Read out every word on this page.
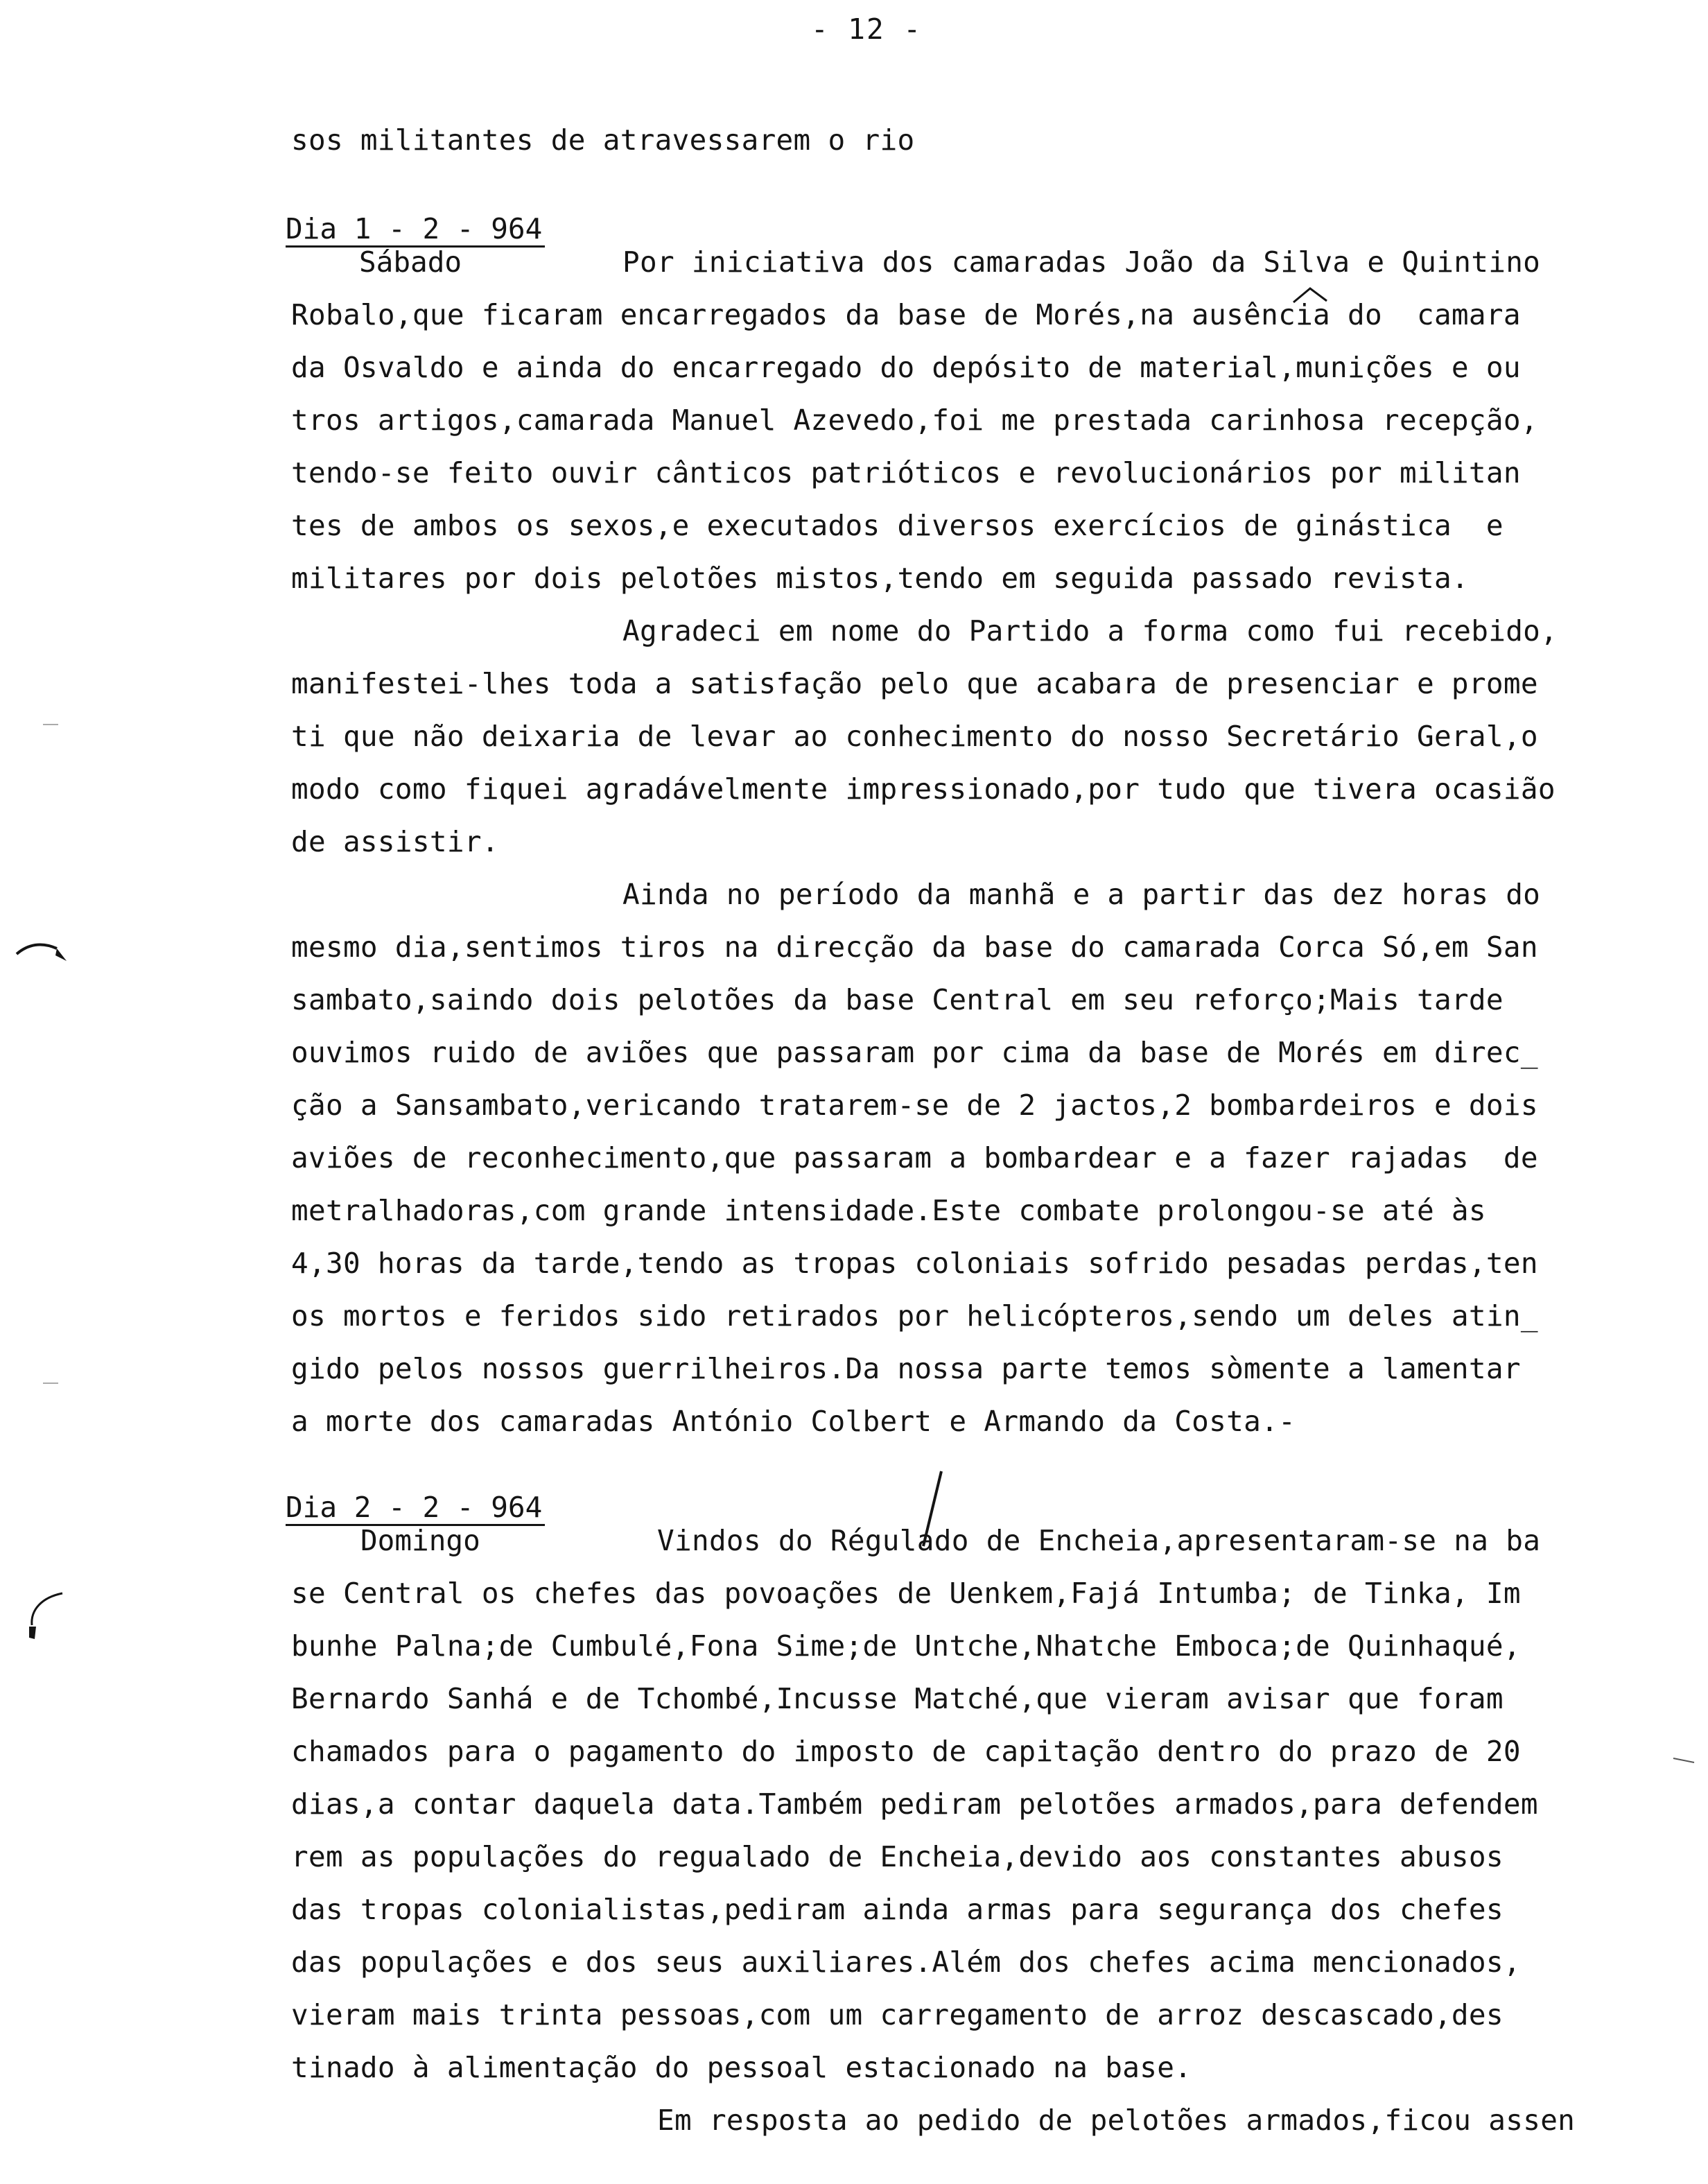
- 12 -
sos militantes de atravessarem o rio
Dia 1 - 2 - 964
Sábado	Por iniciativa dos camaradas João da Silva e Quintino
Robalo,que ficaram encarregados da base de Morés,na ausência do  camara
da Osvaldo e ainda do encarregado do depósito de material,munições e ou
tros artigos,camarada Manuel Azevedo,foi me prestada carinhosa recepção,
tendo-se feito ouvir cânticos patrióticos e revolucionários por militan
tes de ambos os sexos,e executados diversos exercícios de ginástica  e
militares por dois pelotões mistos,tendo em seguida passado revista.
Agradeci em nome do Partido a forma como fui recebido,
manifestei-lhes toda a satisfação pelo que acabara de presenciar e prome
ti que não deixaria de levar ao conhecimento do nosso Secretário Geral,o
modo como fiquei agradávelmente impressionado,por tudo que tivera ocasião
de assistir.
Ainda no período da manhã e a partir das dez horas do
mesmo dia,sentimos tiros na direcção da base do camarada Corca Só,em San
sambato,saindo dois pelotões da base Central em seu reforço;Mais tarde
ouvimos ruido de aviões que passaram por cima da base de Morés em direc_
ção a Sansambato,vericando tratarem-se de 2 jactos,2 bombardeiros e dois
aviões de reconhecimento,que passaram a bombardear e a fazer rajadas  de
metralhadoras,com grande intensidade.Este combate prolongou-se até às
4,30 horas da tarde,tendo as tropas coloniais sofrido pesadas perdas,ten
os mortos e feridos sido retirados por helicópteros,sendo um deles atin_
gido pelos nossos guerrilheiros.Da nossa parte temos sòmente a lamentar
a morte dos camaradas António Colbert e Armando da Costa.-
Dia 2 - 2 - 964
Domingo	Vindos do Régulado de Encheia,apresentaram-se na ba
se Central os chefes das povoações de Uenkem,Fajá Intumba; de Tinka, Im
bunhe Palna;de Cumbulé,Fona Sime;de Untche,Nhatche Emboca;de Quinhaqué,
Bernardo Sanhá e de Tchombé,Incusse Matché,que vieram avisar que foram
chamados para o pagamento do imposto de capitação dentro do prazo de 20
dias,a contar daquela data.Também pediram pelotões armados,para defendem
rem as populações do regualado de Encheia,devido aos constantes abusos
das tropas colonialistas,pediram ainda armas para segurança dos chefes
das populações e dos seus auxiliares.Além dos chefes acima mencionados,
vieram mais trinta pessoas,com um carregamento de arroz descascado,des
tinado à alimentação do pessoal estacionado na base.
Em resposta ao pedido de pelotões armados,ficou assen
